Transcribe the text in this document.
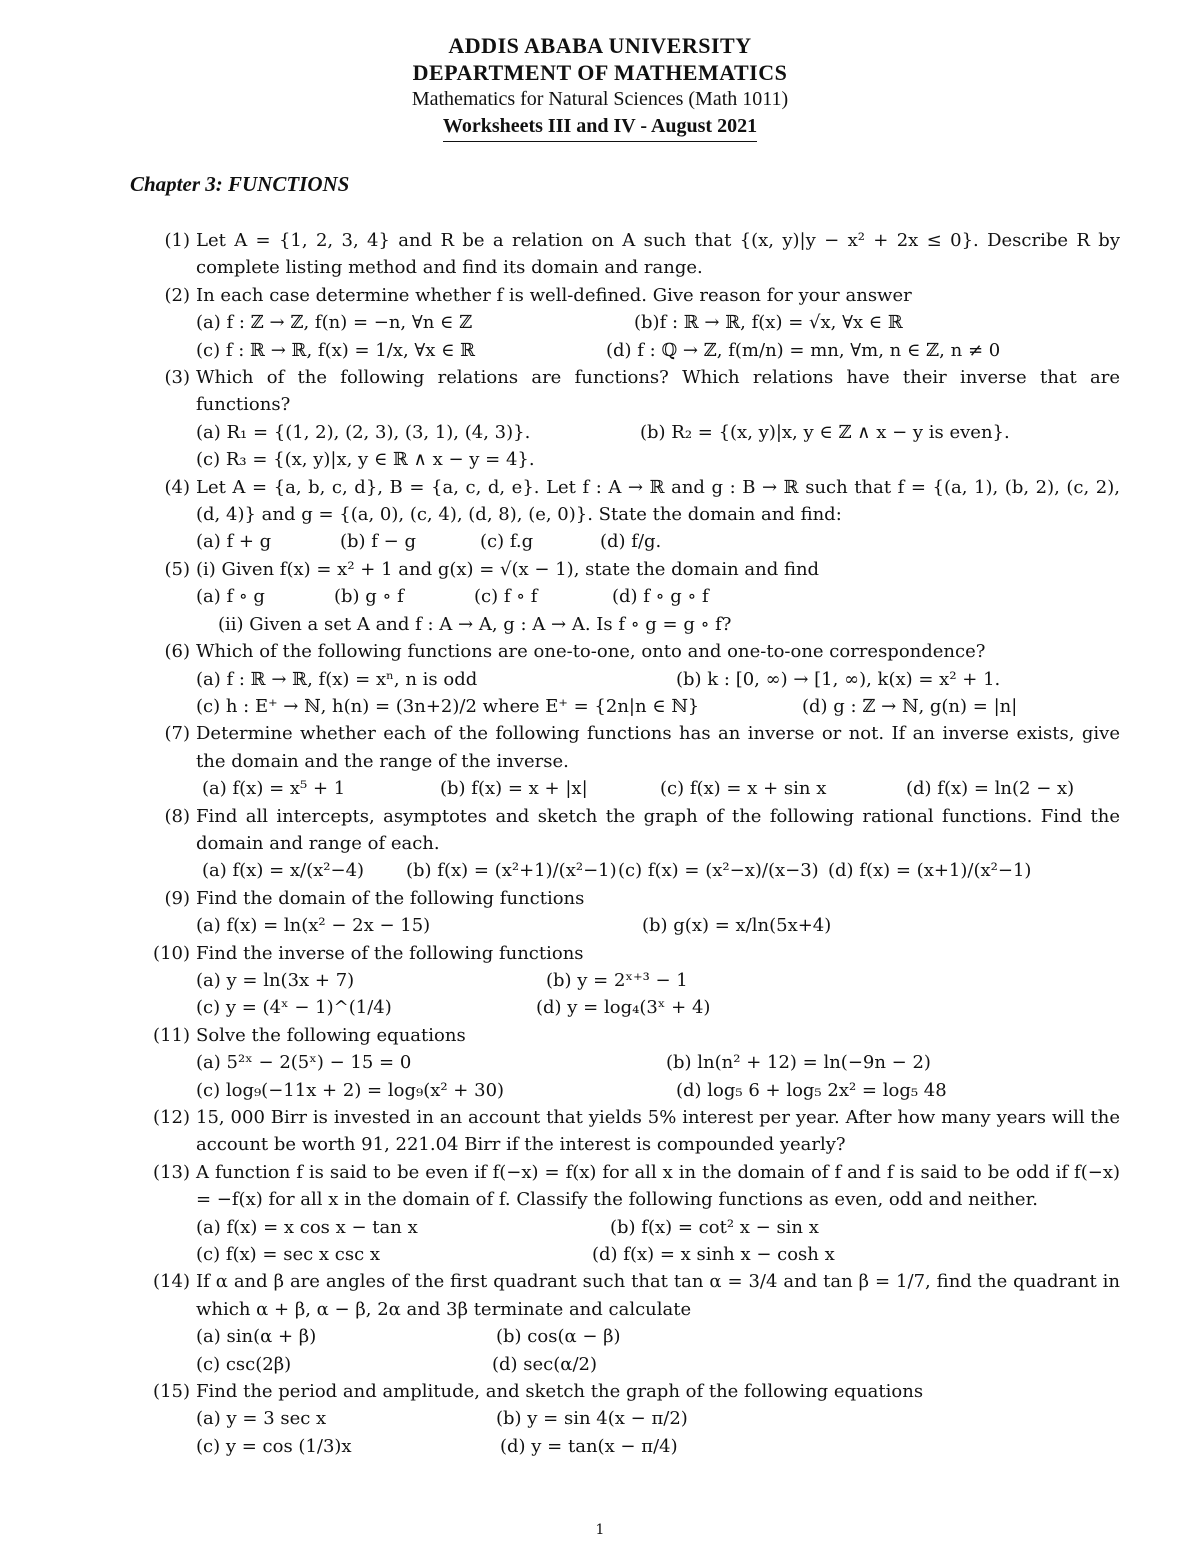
ADDIS ABABA UNIVERSITY
DEPARTMENT OF MATHEMATICS
Mathematics for Natural Sciences (Math 1011)
Worksheets III and IV - August 2021
Chapter 3: FUNCTIONS
(1) Let A = {1, 2, 3, 4} and R be a relation on A such that {(x, y)|y − x² + 2x ≤ 0}. Describe R by complete listing method and find its domain and range.
(2) In each case determine whether f is well-defined. Give reason for your answer
(a) f : ℤ → ℤ, f(n) = −n, ∀n ∈ ℤ	(b)f : ℝ → ℝ, f(x) = √x, ∀x ∈ ℝ
(c) f : ℝ → ℝ, f(x) = 1/x, ∀x ∈ ℝ	(d) f : ℚ → ℤ, f(m/n) = mn, ∀m, n ∈ ℤ, n ≠ 0
(3) Which of the following relations are functions? Which relations have their inverse that are functions?
(a) R₁ = {(1, 2), (2, 3), (3, 1), (4, 3)}.	(b) R₂ = {(x, y)|x, y ∈ ℤ ∧ x − y is even}.
(c) R₃ = {(x, y)|x, y ∈ ℝ ∧ x − y = 4}.
(4) Let A = {a, b, c, d}, B = {a, c, d, e}. Let f : A → ℝ and g : B → ℝ such that f = {(a, 1), (b, 2), (c, 2), (d, 4)} and g = {(a, 0), (c, 4), (d, 8), (e, 0)}. State the domain and find:
(a) f + g	(b) f − g	(c) f.g	(d) f/g.
(5) (i) Given f(x) = x² + 1 and g(x) = √(x − 1), state the domain and find
(a) f ∘ g	(b) g ∘ f	(c) f ∘ f	(d) f ∘ g ∘ f
(ii) Given a set A and f : A → A, g : A → A. Is f ∘ g = g ∘ f?
(6) Which of the following functions are one-to-one, onto and one-to-one correspondence?
(a) f : ℝ → ℝ, f(x) = xⁿ, n is odd	(b) k : [0, ∞) → [1, ∞), k(x) = x² + 1.
(c) h : E⁺ → ℕ, h(n) = (3n+2)/2 where E⁺ = {2n|n ∈ ℕ}	(d) g : ℤ → ℕ, g(n) = |n|
(7) Determine whether each of the following functions has an inverse or not. If an inverse exists, give the domain and the range of the inverse.
(a) f(x) = x⁵ + 1	(b) f(x) = x + |x|	(c) f(x) = x + sin x	(d) f(x) = ln(2 − x)
(8) Find all intercepts, asymptotes and sketch the graph of the following rational functions. Find the domain and range of each.
(a) f(x) = x/(x²−4)	(b) f(x) = (x²+1)/(x²−1) (c) f(x) = (x²−x)/(x−3) (d) f(x) = (x+1)/(x²−1)
(9) Find the domain of the following functions
(a) f(x) = ln(x² − 2x − 15)	(b) g(x) = x/ln(5x+4)
(10) Find the inverse of the following functions
(a) y = ln(3x + 7)	(b) y = 2ˣ⁺³ − 1
(c) y = (4ˣ − 1)^(1/4)	(d) y = log₄(3ˣ + 4)
(11) Solve the following equations
(a) 5²ˣ − 2(5ˣ) − 15 = 0	(b) ln(n² + 12) = ln(−9n − 2)
(c) log₉(−11x + 2) = log₉(x² + 30)	(d) log₅ 6 + log₅ 2x² = log₅ 48
(12) 15, 000 Birr is invested in an account that yields 5% interest per year. After how many years will the account be worth 91, 221.04 Birr if the interest is compounded yearly?
(13) A function f is said to be even if f(−x) = f(x) for all x in the domain of f and f is said to be odd if f(−x) = −f(x) for all x in the domain of f. Classify the following functions as even, odd and neither.
(a) f(x) = x cos x − tan x	(b) f(x) = cot² x − sin x
(c) f(x) = sec x csc x	(d) f(x) = x sinh x − cosh x
(14) If α and β are angles of the first quadrant such that tan α = 3/4 and tan β = 1/7, find the quadrant in which α + β, α − β, 2α and 3β terminate and calculate
(a) sin(α + β)	(b) cos(α − β)
(c) csc(2β)	(d) sec(α/2)
(15) Find the period and amplitude, and sketch the graph of the following equations
(a) y = 3 sec x	(b) y = sin 4(x − π/2)
(c) y = cos (1/3)x	(d) y = tan(x − π/4)
1
